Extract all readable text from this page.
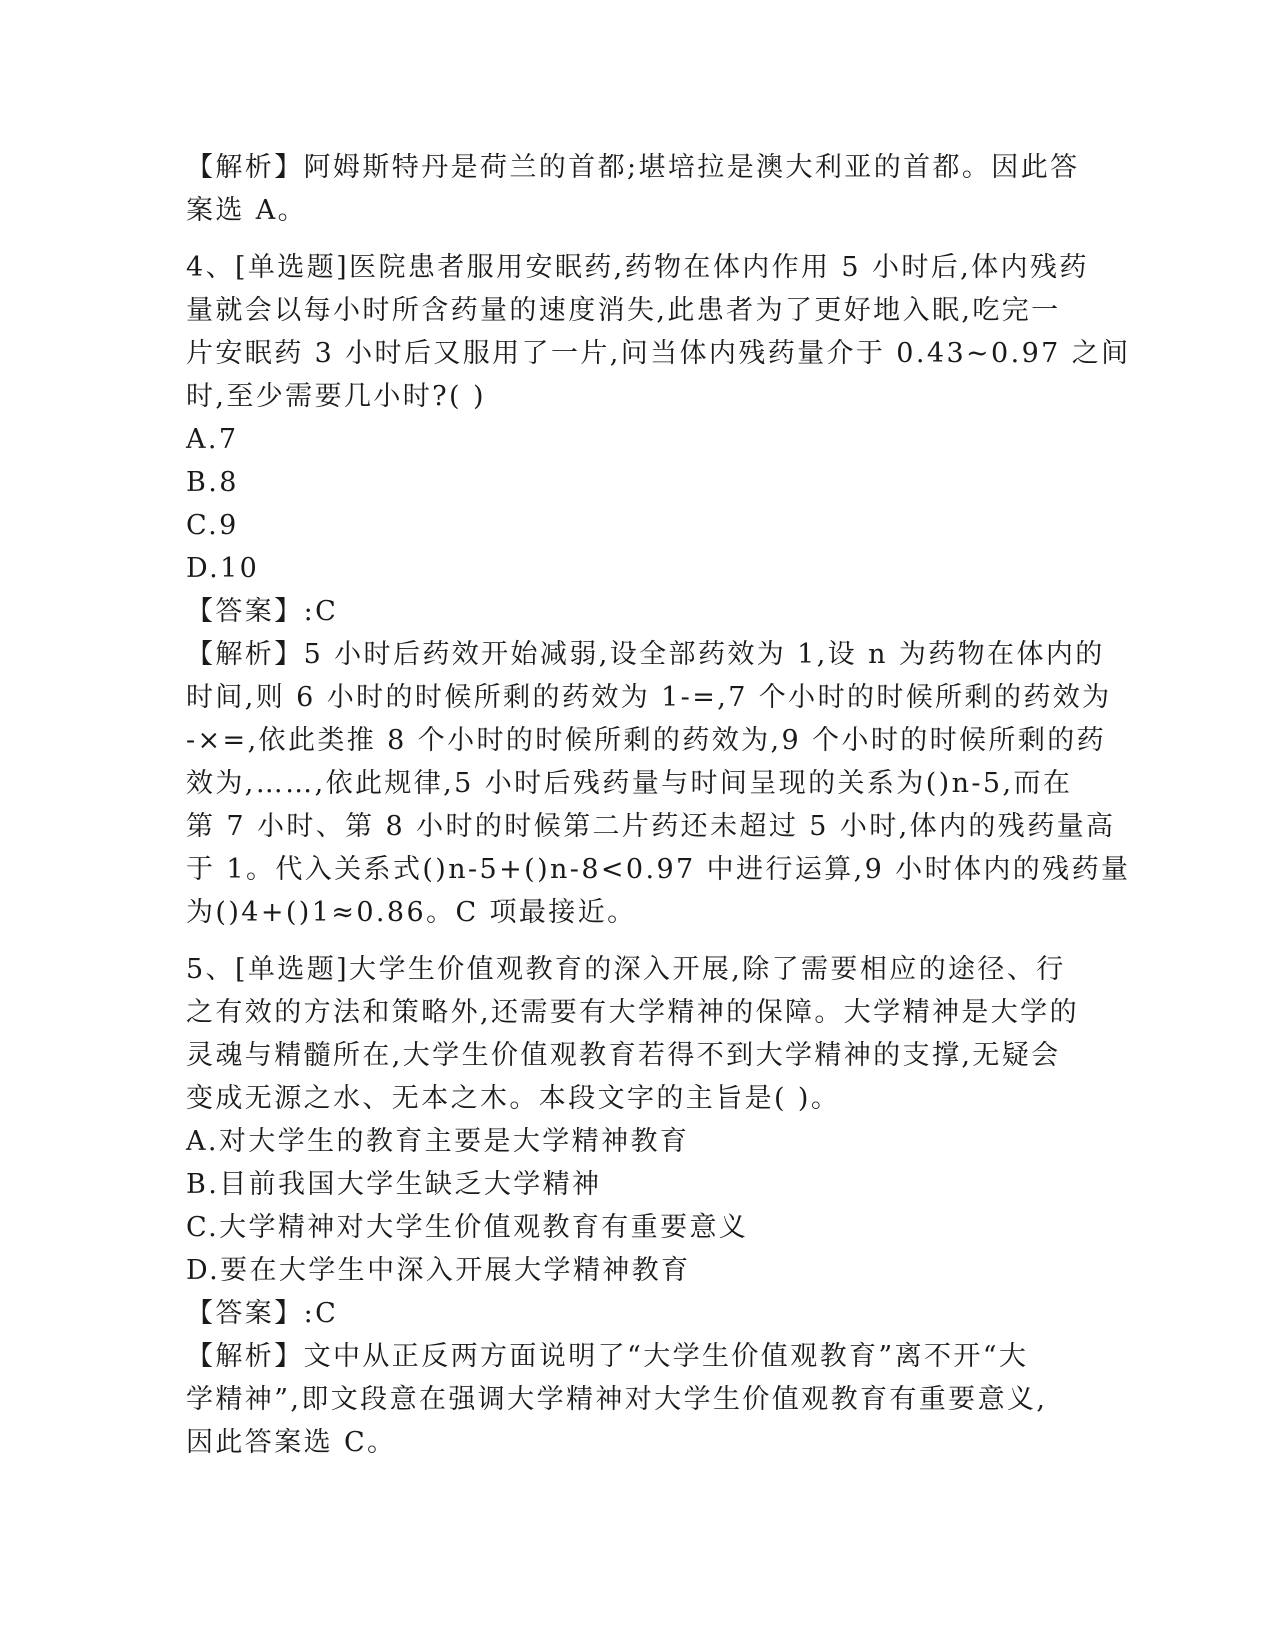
【解析】阿姆斯特丹是荷兰的首都;堪培拉是澳大利亚的首都。因此答
案选 A。
4、[单选题]医院患者服用安眠药,药物在体内作用 5 小时后,体内残药
量就会以每小时所含药量的速度消失,此患者为了更好地入眠,吃完一
片安眠药 3 小时后又服用了一片,问当体内残药量介于 0.43~0.97 之间
时,至少需要几小时?( )
A.7
B.8
C.9
D.10
【答案】:C
【解析】5 小时后药效开始减弱,设全部药效为 1,设 n 为药物在体内的
时间,则 6 小时的时候所剩的药效为 1-=,7 个小时的时候所剩的药效为
-×=,依此类推 8 个小时的时候所剩的药效为,9 个小时的时候所剩的药
效为,……,依此规律,5 小时后残药量与时间呈现的关系为()n-5,而在
第 7 小时、第 8 小时的时候第二片药还未超过 5 小时,体内的残药量高
于 1。代入关系式()n-5+()n-8<0.97 中进行运算,9 小时体内的残药量
为()4+()1≈0.86。C 项最接近。
5、[单选题]大学生价值观教育的深入开展,除了需要相应的途径、行
之有效的方法和策略外,还需要有大学精神的保障。大学精神是大学的
灵魂与精髓所在,大学生价值观教育若得不到大学精神的支撑,无疑会
变成无源之水、无本之木。本段文字的主旨是( )。
A.对大学生的教育主要是大学精神教育
B.目前我国大学生缺乏大学精神
C.大学精神对大学生价值观教育有重要意义
D.要在大学生中深入开展大学精神教育
【答案】:C
【解析】文中从正反两方面说明了“大学生价值观教育”离不开“大
学精神”,即文段意在强调大学精神对大学生价值观教育有重要意义,
因此答案选 C。
